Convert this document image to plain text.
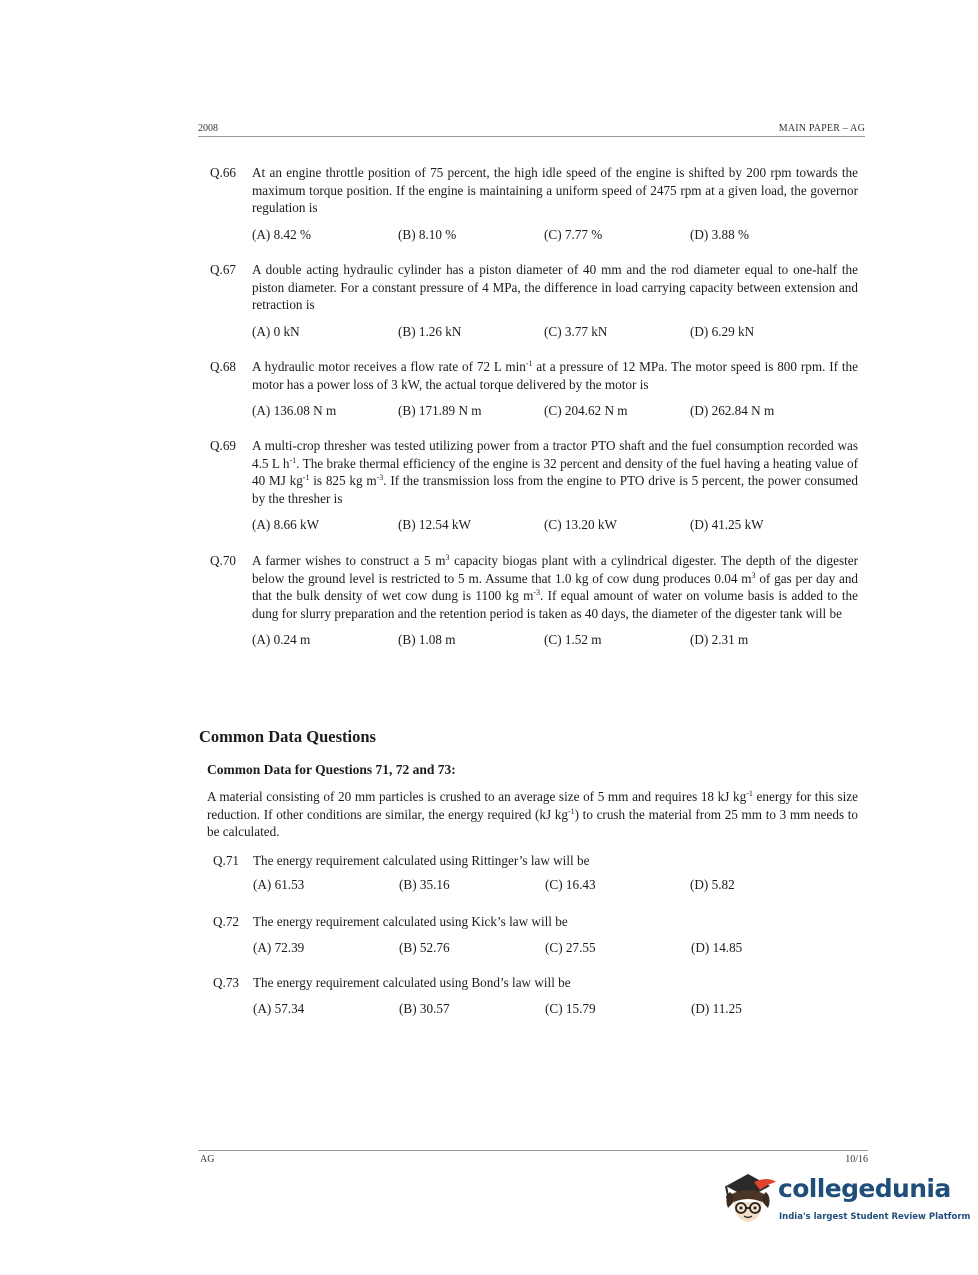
2008	MAIN PAPER – AG
Q.66 At an engine throttle position of 75 percent, the high idle speed of the engine is shifted by 200 rpm towards the maximum torque position. If the engine is maintaining a uniform speed of 2475 rpm at a given load, the governor regulation is
(A) 8.42 %	(B) 8.10 %	(C) 7.77 %	(D) 3.88 %
Q.67 A double acting hydraulic cylinder has a piston diameter of 40 mm and the rod diameter equal to one-half the piston diameter. For a constant pressure of 4 MPa, the difference in load carrying capacity between extension and retraction is
(A) 0 kN	(B) 1.26 kN	(C) 3.77 kN	(D) 6.29 kN
Q.68 A hydraulic motor receives a flow rate of 72 L $\min^{-1}$ at a pressure of 12 MPa. The motor speed is 800 rpm. If the motor has a power loss of 3 kW, the actual torque delivered by the motor is
(A) 136.08 N m	(B) 171.89 N m	(C) 204.62 N m	(D) 262.84 N m
Q.69 A multi-crop thresher was tested utilizing power from a tractor PTO shaft and the fuel consumption recorded was 4.5 L $h^{-1}$. The brake thermal efficiency of the engine is 32 percent and density of the fuel having a heating value of 40 MJ $kg^{-1}$ is 825 kg $m^{-3}$. If the transmission loss from the engine to PTO drive is 5 percent, the power consumed by the thresher is
(A) 8.66 kW	(B) 12.54 kW	(C) 13.20 kW	(D) 41.25 kW
Q.70 A farmer wishes to construct a 5 $m^3$ capacity biogas plant with a cylindrical digester. The depth of the digester below the ground level is restricted to 5 m. Assume that 1.0 kg of cow dung produces 0.04 $m^3$ of gas per day and that the bulk density of wet cow dung is 1100 kg $m^{-3}$. If equal amount of water on volume basis is added to the dung for slurry preparation and the retention period is taken as 40 days, the diameter of the digester tank will be
(A) 0.24 m	(B) 1.08 m	(C) 1.52 m	(D) 2.31 m
Common Data Questions
Common Data for Questions 71, 72 and 73:
A material consisting of 20 mm particles is crushed to an average size of 5 mm and requires 18 kJ $kg^{-1}$ energy for this size reduction. If other conditions are similar, the energy required (kJ $kg^{-1}$) to crush the material from 25 mm to 3 mm needs to be calculated.
Q.71 The energy requirement calculated using Rittinger’s law will be
(A) 61.53	(B) 35.16	(C) 16.43	(D) 5.82
Q.72 The energy requirement calculated using Kick’s law will be
(A) 72.39	(B) 52.76	(C) 27.55	(D) 14.85
Q.73 The energy requirement calculated using Bond’s law will be
(A) 57.34	(B) 30.57	(C) 15.79	(D) 11.25
AG	10/16
collegedunia
India's largest Student Review Platform
